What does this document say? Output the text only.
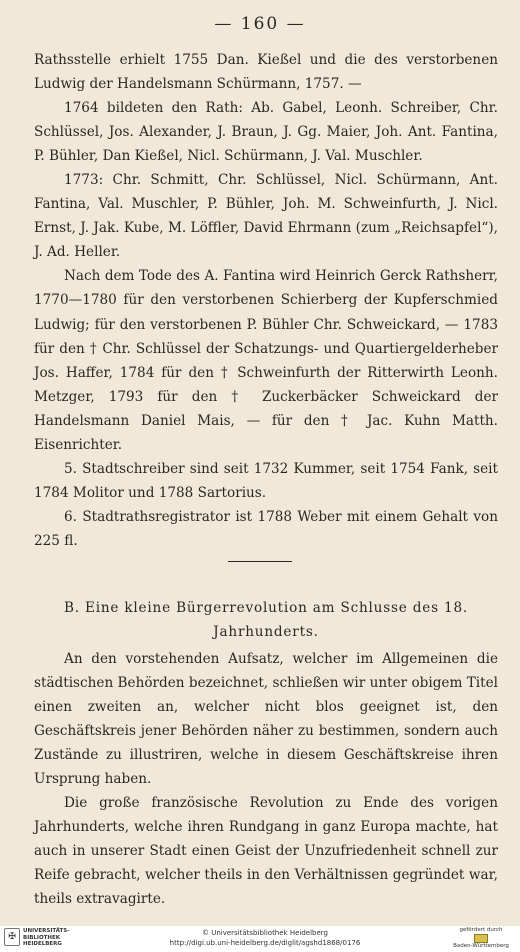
— 160 —

Rathsstelle erhielt 1755 Dan. Kießel und die des verstorbenen Ludwig der Handelsmann Schürmann, 1757. —

1764 bildeten den Rath: Ab. Gabel, Leonh. Schreiber, Chr. Schlüssel, Jos. Alexander, J. Braun, J. Gg. Maier, Joh. Ant. Fantina, P. Bühler, Dan Kießel, Nicl. Schürmann, J. Val. Muschler.

1773: Chr. Schmitt, Chr. Schlüssel, Nicl. Schürmann, Ant. Fantina, Val. Muschler, P. Bühler, Joh. M. Schweinfurth, J. Nicl. Ernst, J. Jak. Kube, M. Löffler, David Ehrmann (zum „Reichsapfel“), J. Ad. Heller.

Nach dem Tode des A. Fantina wird Heinrich Gerck Rathsherr, 1770—1780 für den verstorbenen Schierberg der Kupferschmied Ludwig; für den verstorbenen P. Bühler Chr. Schweickard, — 1783 für den † Chr. Schlüssel der Schatzungs- und Quartiergelderheber Jos. Haffer, 1784 für den † Schweinfurth der Ritterwirth Leonh. Metzger, 1793 für den † Zuckerbäcker Schweickard der Handelsmann Daniel Mais, — für den † Jac. Kuhn Matth. Eisenrichter.

5. Stadtschreiber sind seit 1732 Kummer, seit 1754 Fank, seit 1784 Molitor und 1788 Sartorius.

6. Stadtrathsregistrator ist 1788 Weber mit einem Gehalt von 225 fl.

B. Eine kleine Bürgerrevolution am Schlusse des 18. Jahrhunderts.

An den vorstehenden Aufsatz, welcher im Allgemeinen die städtischen Behörden bezeichnet, schließen wir unter obigem Titel einen zweiten an, welcher nicht blos geeignet ist, den Geschäftskreis jener Behörden näher zu bestimmen, sondern auch Zustände zu illustriren, welche in diesem Geschäftskreise ihren Ursprung haben.

Die große französische Revolution zu Ende des vorigen Jahrhunderts, welche ihren Rundgang in ganz Europa machte, hat auch in unserer Stadt einen Geist der Unzufriedenheit schnell zur Reife gebracht, welcher theils in den Verhältnissen gegründet war, theils extravagirte.

✠
UNIVERSITÄTS-
BIBLIOTHEK
HEIDELBERG
© Universitätsbibliothek Heidelberg
http://digi.ub.uni-heidelberg.de/diglit/agshd1868/0176
gefördert durch
Baden-Württemberg
